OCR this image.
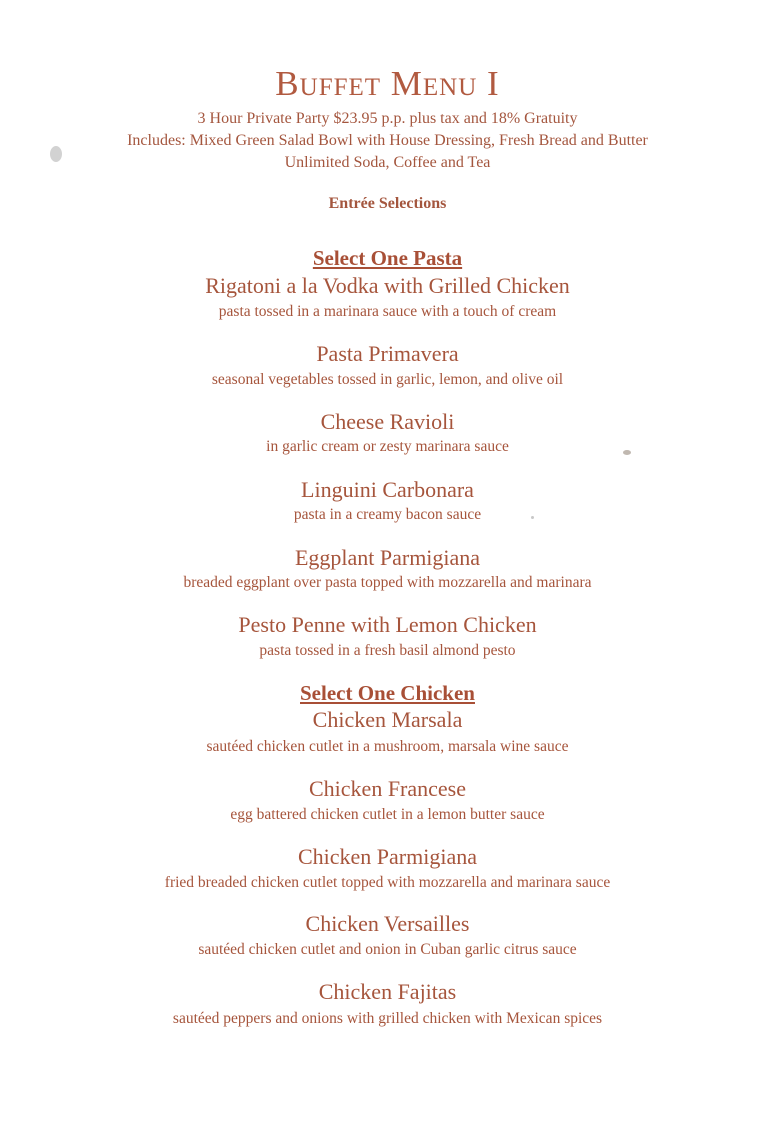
Buffet Menu I
3 Hour Private Party $23.95 p.p. plus tax and 18% Gratuity
Includes: Mixed Green Salad Bowl with House Dressing, Fresh Bread and Butter
Unlimited Soda, Coffee and Tea
Entrée Selections
Select One Pasta
Rigatoni a la Vodka with Grilled Chicken
pasta tossed in a marinara sauce with a touch of cream
Pasta Primavera
seasonal vegetables tossed in garlic, lemon, and olive oil
Cheese Ravioli
in garlic cream or zesty marinara sauce
Linguini Carbonara
pasta in a creamy bacon sauce
Eggplant Parmigiana
breaded eggplant over pasta topped with mozzarella and marinara
Pesto Penne with Lemon Chicken
pasta tossed in a fresh basil almond pesto
Select One Chicken
Chicken Marsala
sautéed chicken cutlet in a mushroom, marsala wine sauce
Chicken Francese
egg battered chicken cutlet in a lemon butter sauce
Chicken Parmigiana
fried breaded chicken cutlet topped with mozzarella and marinara sauce
Chicken Versailles
sautéed chicken cutlet and onion in Cuban garlic citrus sauce
Chicken Fajitas
sautéed peppers and onions with grilled chicken with Mexican spices
